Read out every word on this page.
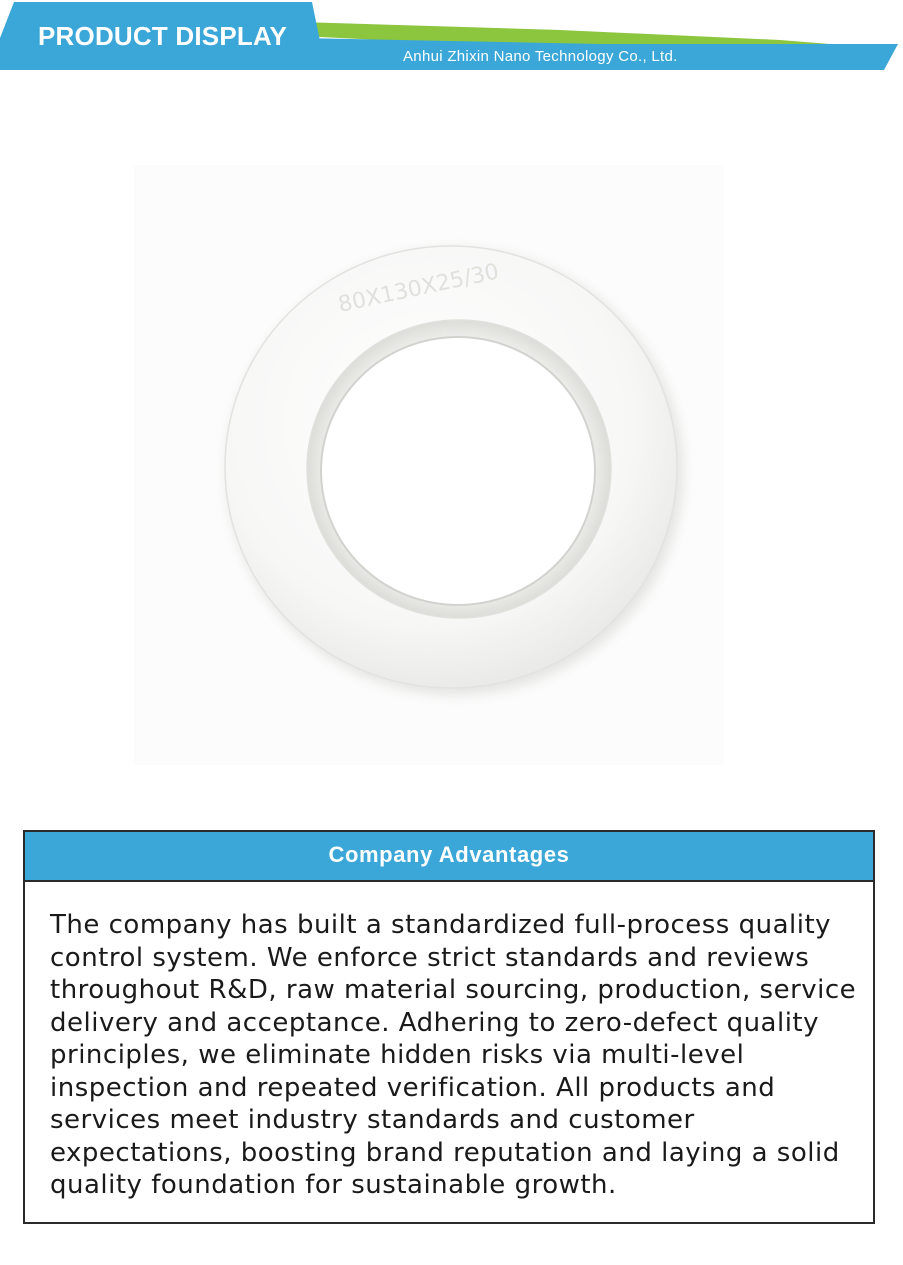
PRODUCT DISPLAY
Anhui Zhixin Nano Technology Co., Ltd.
80X130X25/30
Company Advantages

The company has built a standardized full-process quality control system. We enforce strict standards and reviews throughout R&D, raw material sourcing, production, service delivery and acceptance. Adhering to zero-defect quality principles, we eliminate hidden risks via multi-level inspection and repeated verification. All products and services meet industry standards and customer expectations, boosting brand reputation and laying a solid quality foundation for sustainable growth.
